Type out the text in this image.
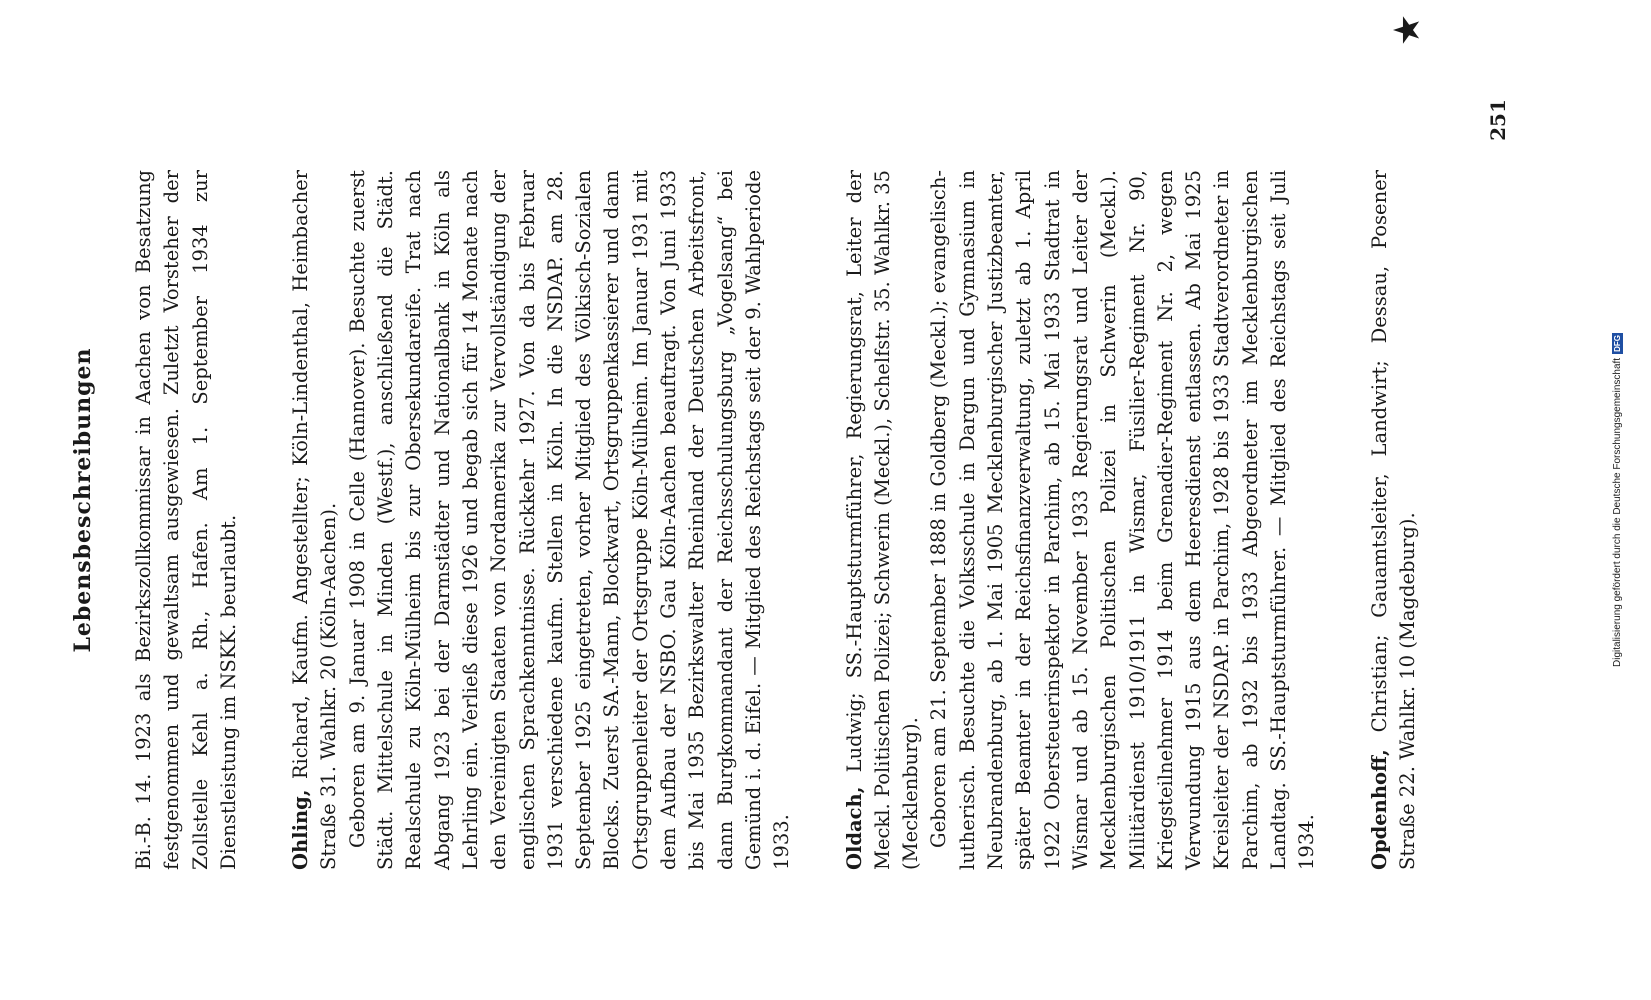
Lebensbeschreibungen Bi.-B. 14. 1923 als Bezirkszollkommissar in Aachen von Besatzung festgenommen und gewaltsam ausgewiesen. Zuletzt Vorsteher der Zollstelle Kehl a. Rh., Hafen. Am 1. September 1934 zur Dienstleistung im NSKK. beurlaubt.	Ohling, Richard, Kaufm. Angestellter; Köln-Lindenthal, Heimbacher Straße 31. Wahlkr. 20 (Köln-Aachen). Geboren am 9. Januar 1908 in Celle (Hannover). Besuchte zuerst Städt. Mittelschule in Minden (Westf.), anschließend die Städt. Realschule zu Köln-Mülheim bis zur Obersekundareife. Trat nach Abgang 1923 bei der Darmstädter und Nationalbank in Köln als Lehrling ein. Verließ diese 1926 und begab sich für 14 Monate nach den Vereinigten Staaten von Nordamerika zur Vervollständigung der englischen Sprachkenntnisse. Rückkehr 1927. Von da bis Februar 1931 verschiedene kaufm. Stellen in Köln. In die NSDAP. am 28. September 1925 eingetreten, vorher Mitglied des Völkisch-Sozialen Blocks. Zuerst SA.-Mann, Blockwart, Ortsgruppenkassierer und dann Ortsgruppenleiter der Ortsgruppe Köln-Mülheim. Im Januar 1931 mit dem Aufbau der NSBO. Gau Köln-Aachen beauftragt. Von Juni 1933 bis Mai 1935 Bezirkswalter Rheinland der Deutschen Arbeitsfront, dann Burgkommandant der Reichsschulungsburg „Vogelsang“ bei Gemünd i. d. Eifel. — Mitglied des Reichstags seit der 9. Wahlperiode 1933.	Oldach, Ludwig; SS.-Hauptsturmführer, Regierungsrat, Leiter der Meckl. Politischen Polizei; Schwerin (Meckl.), Schelfstr. 35. Wahlkr. 35 (Mecklenburg). Geboren am 21. September 1888 in Goldberg (Meckl.); evangelisch-lutherisch. Besuchte die Volksschule in Dargun und Gymnasium in Neubrandenburg, ab 1. Mai 1905 Mecklenburgischer Justizbeamter, später Beamter in der Reichsfinanzverwaltung, zuletzt ab 1. April 1922 Obersteuerinspektor in Parchim, ab 15. Mai 1933 Stadtrat in Wismar und ab 15. November 1933 Regierungsrat und Leiter der Mecklenburgischen Politischen Polizei in Schwerin (Meckl.). Militärdienst 1910/1911 in Wismar, Füsilier-Regiment Nr. 90, Kriegsteilnehmer 1914 beim Grenadier-Regiment Nr. 2, wegen Verwundung 1915 aus dem Heeresdienst entlassen. Ab Mai 1925 Kreisleiter der NSDAP. in Parchim, 1928 bis 1933 Stadtverordneter in Parchim, ab 1932 bis 1933 Abgeordneter im Mecklenburgischen Landtag. SS.-Hauptsturmführer. — Mitglied des Reichstags seit Juli 1934.	Opdenhoff, Christian; Gauamtsleiter, Landwirt; Dessau, Posener Straße 22. Wahlkr. 10 (Magdeburg).

251
★
Digitalisierung gefördert durch die Deutsche ForschungsgemeinschaftDFG
